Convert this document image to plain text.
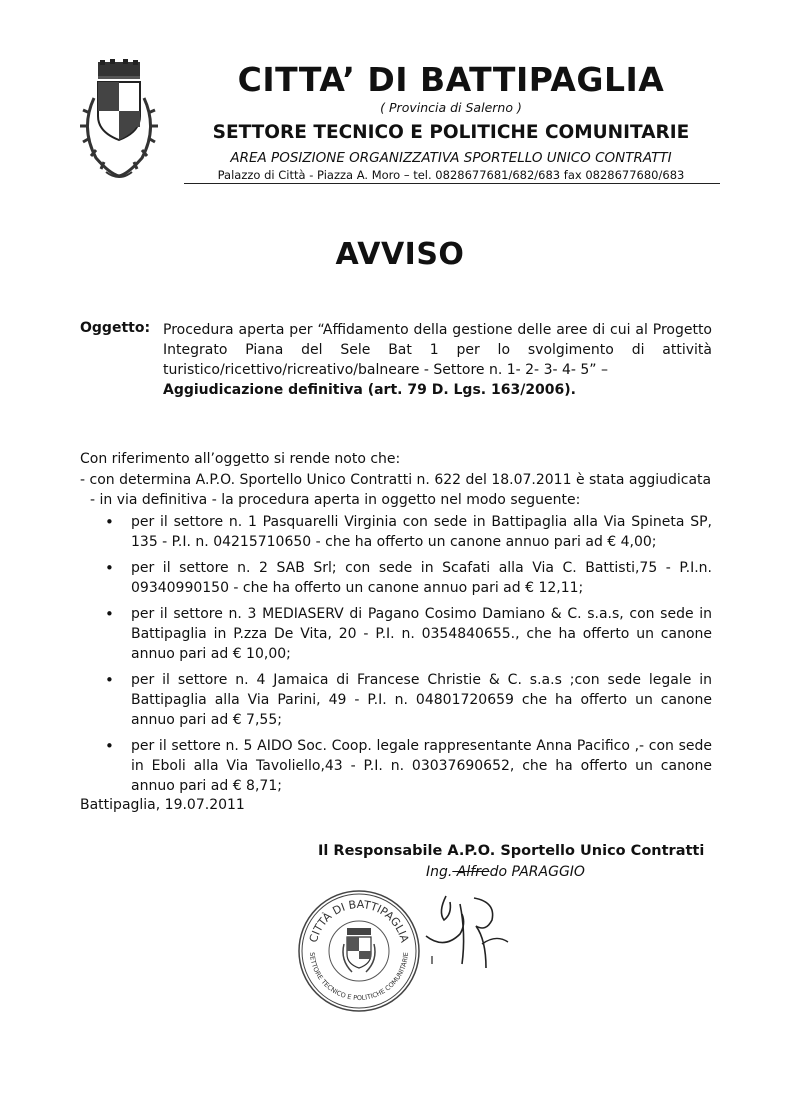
CITTA’ DI BATTIPAGLIA
( Provincia di Salerno )
SETTORE TECNICO E POLITICHE COMUNITARIE
AREA POSIZIONE ORGANIZZATIVA SPORTELLO UNICO CONTRATTI
Palazzo di Città - Piazza A. Moro – tel. 0828677681/682/683 fax 0828677680/683
AVVISO
Oggetto: Procedura aperta per “Affidamento della gestione delle aree di cui al Progetto Integrato Piana del Sele Bat 1 per lo svolgimento di attività turistico/ricettivo/ricreativo/balneare - Settore n. 1- 2- 3- 4- 5” –
Aggiudicazione definitiva (art. 79 D. Lgs. 163/2006).
Con riferimento all’oggetto si rende noto che:
- con determina A.P.O. Sportello Unico Contratti n. 622 del 18.07.2011 è stata aggiudicata
- in via definitiva - la procedura aperta in oggetto nel modo seguente:
• per il settore n. 1 Pasquarelli Virginia con sede in Battipaglia alla Via Spineta SP, 135 - P.I. n. 04215710650 - che ha offerto un canone annuo pari ad € 4,00;
• per il settore n. 2 SAB Srl; con sede in Scafati alla Via C. Battisti,75 - P.I.n. 09340990150 - che ha offerto un canone annuo pari ad € 12,11;
• per il settore n. 3 MEDIASERV di Pagano Cosimo Damiano & C. s.a.s, con sede in Battipaglia in P.zza De Vita, 20 - P.I. n. 0354840655., che ha offerto un canone annuo pari ad € 10,00;
• per il settore n. 4 Jamaica di Francese Christie & C. s.a.s ;con sede legale in Battipaglia alla Via Parini, 49 - P.I. n. 04801720659 che ha offerto un canone annuo pari ad € 7,55;
• per il settore n. 5 AIDO Soc. Coop. legale rappresentante Anna Pacifico ,- con sede in Eboli alla Via Tavoliello,43 - P.I. n. 03037690652, che ha offerto un canone annuo pari ad € 8,71;
Battipaglia, 19.07.2011
Il Responsabile A.P.O. Sportello Unico Contratti
Ing. Alfredo PARAGGIO
CITTÀ DI BATTIPAGLIA
SETTORE TECNICO E POLITICHE COMUNITARIE
